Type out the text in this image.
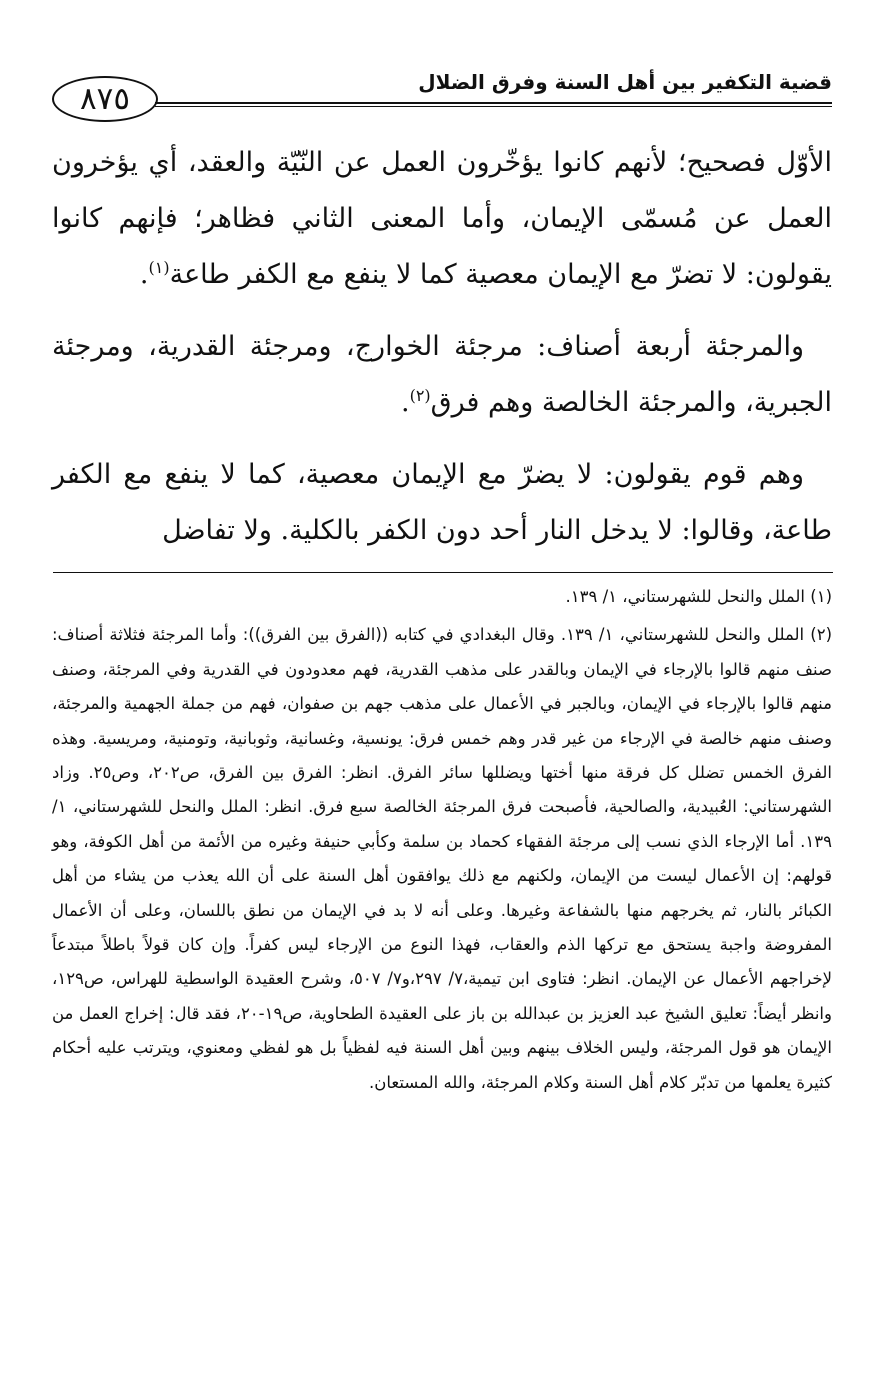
٨٧٥	قضية التكفير بين أهل السنة وفرق الضلال

الأوّل فصحيح؛ لأنهم كانوا يؤخّرون العمل عن النّيّة والعقد، أي يؤخرون العمل عن مُسمّى الإيمان، وأما المعنى الثاني فظاهر؛ فإنهم كانوا يقولون: لا تضرّ مع الإيمان معصية كما لا ينفع مع الكفر طاعة$^{(١)}$.

والمرجئة أربعة أصناف: مرجئة الخوارج، ومرجئة القدرية، ومرجئة الجبرية، والمرجئة الخالصة وهم فرق$^{(٢)}$.

وهم قوم يقولون: لا يضرّ مع الإيمان معصية، كما لا ينفع مع الكفر طاعة، وقالوا: لا يدخل النار أحد دون الكفر بالكلية. ولا تفاضل

(١) الملل والنحل للشهرستاني، ١/ ١٣٩.

(٢) الملل والنحل للشهرستاني، ١/ ١٣٩. وقال البغدادي في كتابه ((الفرق بين الفرق)): وأما المرجئة فثلاثة أصناف: صنف منهم قالوا بالإرجاء في الإيمان وبالقدر على مذهب القدرية، فهم معدودون في القدرية وفي المرجئة، وصنف منهم قالوا بالإرجاء في الإيمان، وبالجبر في الأعمال على مذهب جهم بن صفوان، فهم من جملة الجهمية والمرجئة، وصنف منهم خالصة في الإرجاء من غير قدر وهم خمس فرق: يونسية، وغسانية، وثوبانية، وتومنية، ومريسية. وهذه الفرق الخمس تضلل كل فرقة منها أختها ويضللها سائر الفرق. انظر: الفرق بين الفرق، ص٢٠٢، وص٢٥. وزاد الشهرستاني: العُبيدية، والصالحية، فأصبحت فرق المرجئة الخالصة سبع فرق. انظر: الملل والنحل للشهرستاني، ١/ ١٣٩. أما الإرجاء الذي نسب إلى مرجئة الفقهاء كحماد بن سلمة وكأبي حنيفة وغيره من الأئمة من أهل الكوفة، وهو قولهم: إن الأعمال ليست من الإيمان، ولكنهم مع ذلك يوافقون أهل السنة على أن الله يعذب من يشاء من أهل الكبائر بالنار، ثم يخرجهم منها بالشفاعة وغيرها. وعلى أنه لا بد في الإيمان من نطق باللسان، وعلى أن الأعمال المفروضة واجبة يستحق مع تركها الذم والعقاب، فهذا النوع من الإرجاء ليس كفراً. وإن كان قولاً باطلاً مبتدعاً لإخراجهم الأعمال عن الإيمان. انظر: فتاوى ابن تيمية،٧/ ٢٩٧،و٧/ ٥٠٧، وشرح العقيدة الواسطية للهراس، ص١٢٩، وانظر أيضاً: تعليق الشيخ عبد العزيز بن عبدالله بن باز على العقيدة الطحاوية، ص١٩-٢٠، فقد قال: إخراج العمل من الإيمان هو قول المرجئة، وليس الخلاف بينهم وبين أهل السنة فيه لفظياً بل هو لفظي ومعنوي، ويترتب عليه أحكام كثيرة يعلمها من تدبّر كلام أهل السنة وكلام المرجئة، والله المستعان.
